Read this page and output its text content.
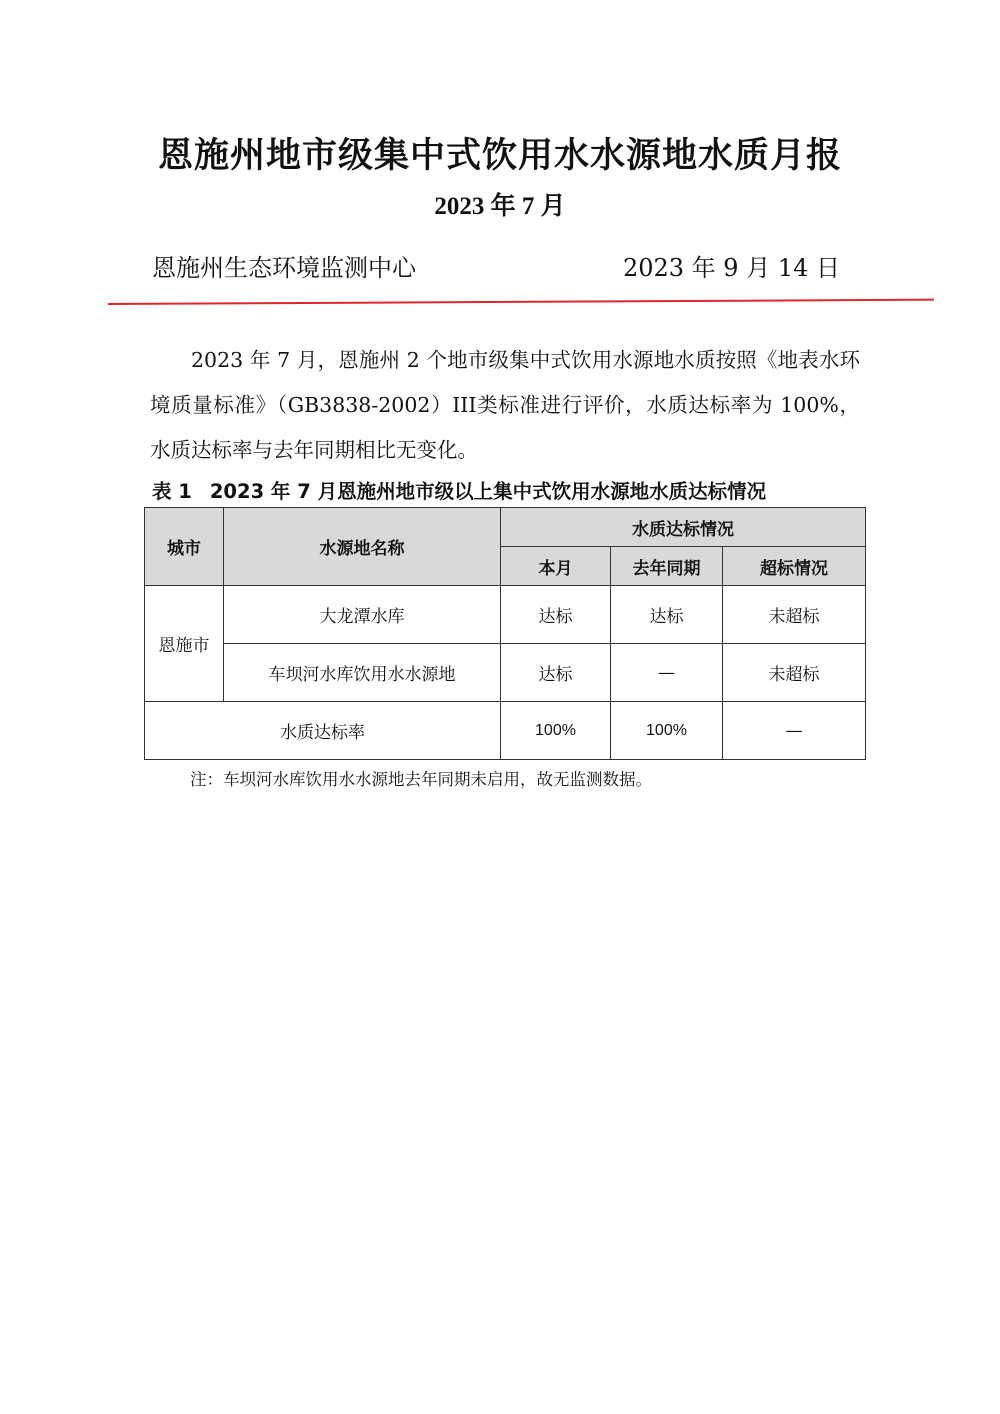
恩施州地市级集中式饮用水水源地水质月报
2023 年 7 月
恩施州生态环境监测中心	2023 年 9 月 14 日

2023 年 7 月，恩施州 2 个地市级集中式饮用水源地水质按照《地表水环境质量标准》（GB3838-2002）III类标准进行评价，水质达标率为 100%，水质达标率与去年同期相比无变化。

表 1 2023 年 7 月恩施州地市级以上集中式饮用水源地水质达标情况
城市	水源地名称	水质达标情况		
		本月	去年同期	超标情况
恩施市	大龙潭水库	达标	达标	未超标
	车坝河水库饮用水水源地	达标	—	未超标
水质达标率		100%	100%	—
注：车坝河水库饮用水水源地去年同期未启用，故无监测数据。
